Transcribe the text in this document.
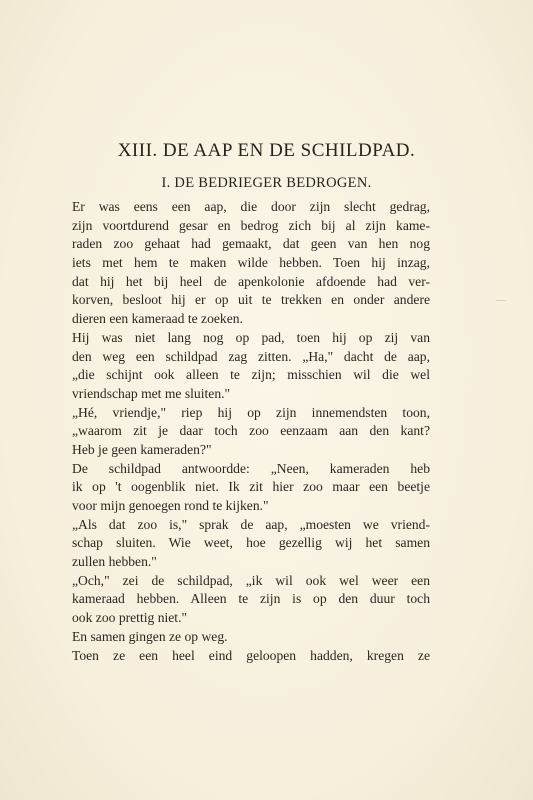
XIII. DE AAP EN DE SCHILDPAD.
I. DE BEDRIEGER BEDROGEN.
Er was eens een aap, die door zijn slecht gedrag,
zijn voortdurend gesar en bedrog zich bij al zijn kame-
raden zoo gehaat had gemaakt, dat geen van hen nog
iets met hem te maken wilde hebben. Toen hij inzag,
dat hij het bij heel de apenkolonie afdoende had ver-
korven, besloot hij er op uit te trekken en onder andere
dieren een kameraad te zoeken.
Hij was niet lang nog op pad, toen hij op zij van
den weg een schildpad zag zitten. „Ha," dacht de aap,
„die schijnt ook alleen te zijn; misschien wil die wel
vriendschap met me sluiten."
„Hé, vriendje," riep hij op zijn innemendsten toon,
„waarom zit je daar toch zoo eenzaam aan den kant?
Heb je geen kameraden?"
De schildpad antwoordde: „Neen, kameraden heb
ik op 't oogenblik niet. Ik zit hier zoo maar een beetje
voor mijn genoegen rond te kijken."
„Als dat zoo is," sprak de aap, „moesten we vriend-
schap sluiten. Wie weet, hoe gezellig wij het samen
zullen hebben."
„Och," zei de schildpad, „ik wil ook wel weer een
kameraad hebben. Alleen te zijn is op den duur toch
ook zoo prettig niet."
En samen gingen ze op weg.
Toen ze een heel eind geloopen hadden, kregen ze
